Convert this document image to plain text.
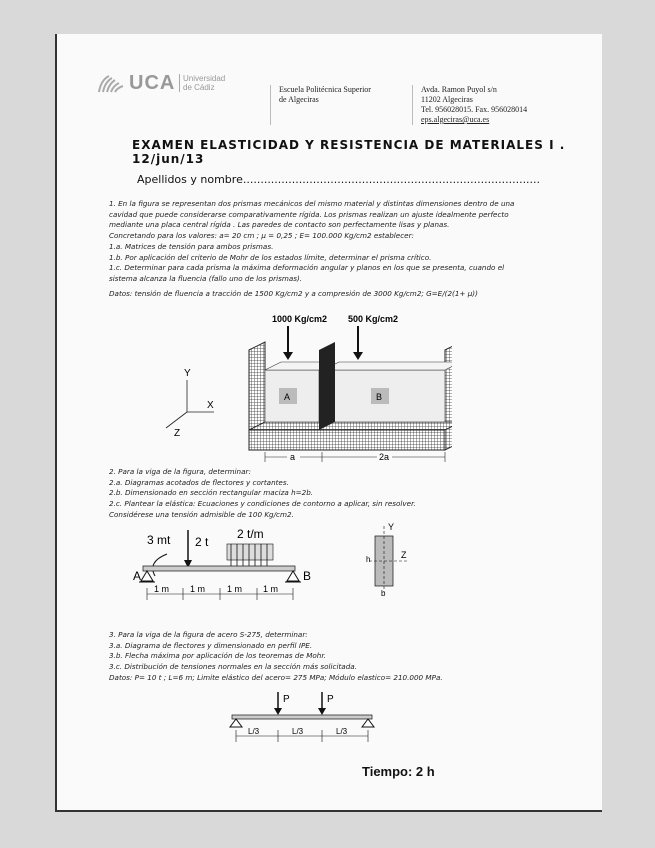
UCA Universidad
de Cádiz	Escuela Politécnica Superior
de Algeciras
Avda. Ramon Puyol s/n
11202 Algeciras
Tel. 956028015. Fax. 956028014
eps.algeciras@uca.es
EXAMEN ELASTICIDAD Y RESISTENCIA DE MATERIALES I . 12/jun/13
Apellidos y nombre.....................................................................................

1. En la figura se representan dos prismas mecánicos del mismo material y distintas dimensiones dentro de una

cavidad que puede considerarse comparativamente rígida. Los prismas realizan un ajuste idealmente perfecto

mediante una placa central rígida . Las paredes de contacto son perfectamente lisas y planas.

Concretando para los valores: a= 20 cm ; μ = 0,25 ; E= 100.000 Kg/cm2 establecer:

1.a. Matrices de tensión para ambos prismas.

1.b. Por aplicación del criterio de Mohr de los estados límite, determinar el prisma crítico.

1.c. Determinar para cada prisma la máxima deformación angular y planos en los que se presenta, cuando el

sistema alcanza la fluencia (fallo uno de los prismas).

Datos: tensión de fluencia a tracción de 1500 Kg/cm2 y a compresión de 3000 Kg/cm2; G=E/(2(1+ μ))

1000 Kg/cm2 500 Kg/cm2
A	B
Y
X
Z
a	2a

2. Para la viga de la figura, determinar:

2.a. Diagramas acotados de flectores y cortantes.

2.b. Dimensionado en sección rectangular maciza h=2b.

2.c. Plantear la elástica: Ecuaciones y condiciones de contorno a aplicar, sin resolver.

Considérese una tensión admisible de 100 Kg/cm2.

3 mt 2 t
2 t/m
A	B
1 m 1 m 1 m 1 m
Y
Z
h
b

3. Para la viga de la figura de acero S-275, determinar:

3.a. Diagrama de flectores y dimensionado en perfil IPE.

3.b. Flecha máxima por aplicación de los teoremas de Mohr.

3.c. Distribución de tensiones normales en la sección más solicitada.

Datos: P= 10 t ; L=6 m; Limite elástico del acero= 275 MPa; Módulo elastico= 210.000 MPa.

P	P
L/3	L/3	L/3
Tiempo: 2 h
